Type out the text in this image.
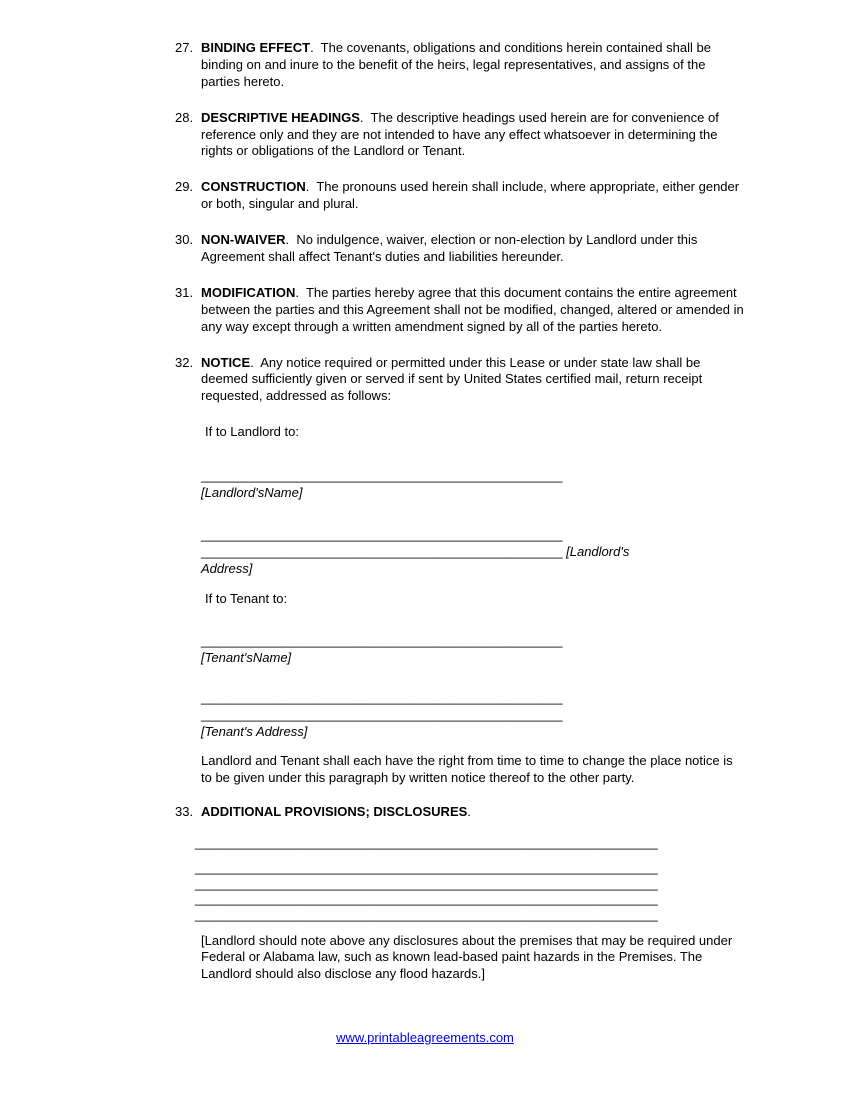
27. BINDING EFFECT.  The covenants, obligations and conditions herein contained shall be binding on and inure to the benefit of the heirs, legal representatives, and assigns of the parties hereto.
28. DESCRIPTIVE HEADINGS.  The descriptive headings used herein are for convenience of reference only and they are not intended to have any effect whatsoever in determining the rights or obligations of the Landlord or Tenant.
29. CONSTRUCTION.  The pronouns used herein shall include, where appropriate, either gender or both, singular and plural.
30. NON-WAIVER.  No indulgence, waiver, election or non-election by Landlord under this Agreement shall affect Tenant's duties and liabilities hereunder.
31. MODIFICATION.  The parties hereby agree that this document contains the entire agreement between the parties and this Agreement shall not be modified, changed, altered or amended in any way except through a written amendment signed by all of the parties hereto.
32. NOTICE.  Any notice required or permitted under this Lease or under state law shall be deemed sufficiently given or served if sent by United States certified mail, return receipt requested, addressed as follows:
If to Landlord to:
__________________________________________________
[Landlord'sName]
__________________________________________________
__________________________________________________ [Landlord's
Address]
If to Tenant to:
__________________________________________________
[Tenant'sName]
__________________________________________________
__________________________________________________
[Tenant's Address]
Landlord and Tenant shall each have the right from time to time to change the place notice is to be given under this paragraph by written notice thereof to the other party.
33. ADDITIONAL PROVISIONS; DISCLOSURES.
________________________________________________________________
________________________________________________________________
________________________________________________________________
________________________________________________________________
________________________________________________________________
[Landlord should note above any disclosures about the premises that may be required under Federal or Alabama law, such as known lead-based paint hazards in the Premises. The Landlord should also disclose any flood hazards.]
www.printableagreements.com
